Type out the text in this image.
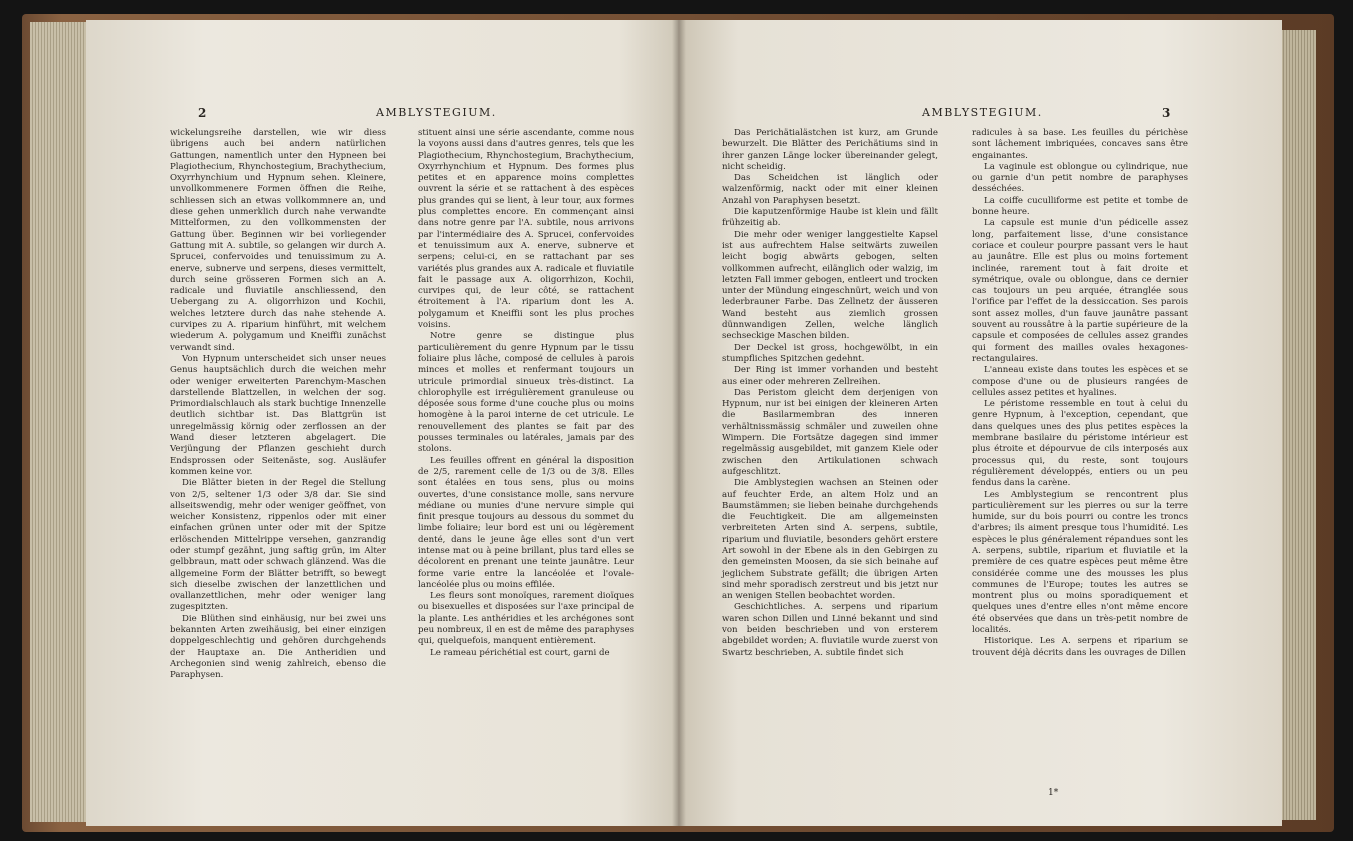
2	AMBLYSTEGIUM.

wickelungsreihe darstellen, wie wir diess übrigens auch bei andern natürlichen Gattungen, namentlich unter den Hypneen bei Plagiothecium, Rhynchostegium, Brachythecium, Oxyrrhynchium und Hypnum sehen. Kleinere, unvollkommenere Formen öffnen die Reihe, schliessen sich an etwas vollkommnere an, und diese gehen unmerklich durch nahe verwandte Mittelformen, zu den vollkommensten der Gattung über. Beginnen wir bei vorliegender Gattung mit A. subtile, so gelangen wir durch A. Sprucei, confervoides und tenuissimum zu A. enerve, subnerve und serpens, dieses vermittelt, durch seine grösseren Formen sich an A. radicale und fluviatile anschliessend, den Uebergang zu A. oligorrhizon und Kochii, welches letztere durch das nahe stehende A. curvipes zu A. riparium hinführt, mit welchem wiederum A. polygamum und Kneiffii zunächst verwandt sind.

Von Hypnum unterscheidet sich unser neues Genus hauptsächlich durch die weichen mehr oder weniger erweiterten Parenchym-Maschen darstellende Blattzellen, in welchen der sog. Primordialschlauch als stark buchtige Innenzelle deutlich sichtbar ist. Das Blattgrün ist unregelmässig körnig oder zerflossen an der Wand dieser letzteren abgelagert. Die Verjüngung der Pflanzen geschieht durch Endsprossen oder Seitenäste, sog. Ausläufer kommen keine vor.

Die Blätter bieten in der Regel die Stellung von 2/5, seltener 1/3 oder 3/8 dar. Sie sind allseitswendig, mehr oder weniger geöffnet, von weicher Konsistenz, rippenlos oder mit einer einfachen grünen unter oder mit der Spitze erlöschenden Mittelrippe versehen, ganzrandig oder stumpf gezähnt, jung saftig grün, im Alter gelbbraun, matt oder schwach glänzend. Was die allgemeine Form der Blätter betrifft, so bewegt sich dieselbe zwischen der lanzettlichen und ovallanzettlichen, mehr oder weniger lang zugespitzten.

Die Blüthen sind einhäusig, nur bei zwei uns bekannten Arten zweihäusig, bei einer einzigen doppelgeschlechtig und gehören durchgehends der Hauptaxe an. Die Antheridien und Archegonien sind wenig zahlreich, ebenso die Paraphysen.

stituent ainsi une série ascendante, comme nous la voyons aussi dans d'autres genres, tels que les Plagiothecium, Rhynchostegium, Brachythecium, Oxyrrhynchium et Hypnum. Des formes plus petites et en apparence moins complettes ouvrent la série et se rattachent à des espèces plus grandes qui se lient, à leur tour, aux formes plus complettes encore. En commençant ainsi dans notre genre par l'A. subtile, nous arrivons par l'intermédiaire des A. Sprucei, confervoides et tenuissimum aux A. enerve, subnerve et serpens; celui-ci, en se rattachant par ses variétés plus grandes aux A. radicale et fluviatile fait le passage aux A. oligorrhizon, Kochii, curvipes qui, de leur côté, se rattachent étroitement à l'A. riparium dont les A. polygamum et Kneiffii sont les plus proches voisins.

Notre genre se distingue plus particulièrement du genre Hypnum par le tissu foliaire plus lâche, composé de cellules à parois minces et molles et renfermant toujours un utricule primordial sinueux très-distinct. La chlorophylle est irrégulièrement granuleuse ou déposée sous forme d'une couche plus ou moins homogène à la paroi interne de cet utricule. Le renouvellement des plantes se fait par des pousses terminales ou latérales, jamais par des stolons.

Les feuilles offrent en général la disposition de 2/5, rarement celle de 1/3 ou de 3/8. Elles sont étalées en tous sens, plus ou moins ouvertes, d'une consistance molle, sans nervure médiane ou munies d'une nervure simple qui finit presque toujours au dessous du sommet du limbe foliaire; leur bord est uni ou légèrement denté, dans le jeune âge elles sont d'un vert intense mat ou à peine brillant, plus tard elles se décolorent en prenant une teinte jaunâtre. Leur forme varie entre la lancéolée et l'ovale-lancéolée plus ou moins effilée.

Les fleurs sont monoïques, rarement dioïques ou bisexuelles et disposées sur l'axe principal de la plante. Les anthéridies et les archégones sont peu nombreux, il en est de même des paraphyses qui, quelquefois, manquent entièrement.

Le rameau périchétial est court, garni de

AMBLYSTEGIUM.	3

Das Perichätialästchen ist kurz, am Grunde bewurzelt. Die Blätter des Perichätiums sind in ihrer ganzen Länge locker übereinander gelegt, nicht scheidig.

Das Scheidchen ist länglich oder walzenförmig, nackt oder mit einer kleinen Anzahl von Paraphysen besetzt.

Die kaputzenförmige Haube ist klein und fällt frühzeitig ab.

Die mehr oder weniger langgestielte Kapsel ist aus aufrechtem Halse seitwärts zuweilen leicht bogig abwärts gebogen, selten vollkommen aufrecht, eilänglich oder walzig, im letzten Fall immer gebogen, entleert und trocken unter der Mündung eingeschnürt, weich und von lederbrauner Farbe. Das Zellnetz der äusseren Wand besteht aus ziemlich grossen dünnwandigen Zellen, welche länglich sechseckige Maschen bilden.

Der Deckel ist gross, hochgewölbt, in ein stumpfliches Spitzchen gedehnt.

Der Ring ist immer vorhanden und besteht aus einer oder mehreren Zellreihen.

Das Peristom gleicht dem derjenigen von Hypnum, nur ist bei einigen der kleineren Arten die Basilarmembran des inneren verhältnissmässig schmäler und zuweilen ohne Wimpern. Die Fortsätze dagegen sind immer regelmässig ausgebildet, mit ganzem Kiele oder zwischen den Artikulationen schwach aufgeschlitzt.

Die Amblystegien wachsen an Steinen oder auf feuchter Erde, an altem Holz und an Baumstämmen; sie lieben beinahe durchgehends die Feuchtigkeit. Die am allgemeinsten verbreiteten Arten sind A. serpens, subtile, riparium und fluviatile, besonders gehört erstere Art sowohl in der Ebene als in den Gebirgen zu den gemeinsten Moosen, da sie sich beinahe auf jeglichem Substrate gefällt; die übrigen Arten sind mehr sporadisch zerstreut und bis jetzt nur an wenigen Stellen beobachtet worden.

Geschichtliches. A. serpens und riparium waren schon Dillen und Linné bekannt und sind von beiden beschrieben und von ersterem abgebildet worden; A. fluviatile wurde zuerst von Swartz beschrieben, A. subtile findet sich

radicules à sa base. Les feuilles du périchèse sont lâchement imbriquées, concaves sans être engainantes.

La vaginule est oblongue ou cylindrique, nue ou garnie d'un petit nombre de paraphyses desséchées.

La coiffe cuculliforme est petite et tombe de bonne heure.

La capsule est munie d'un pédicelle assez long, parfaitement lisse, d'une consistance coriace et couleur pourpre passant vers le haut au jaunâtre. Elle est plus ou moins fortement inclinée, rarement tout à fait droite et symétrique, ovale ou oblongue, dans ce dernier cas toujours un peu arquée, étranglée sous l'orifice par l'effet de la dessiccation. Ses parois sont assez molles, d'un fauve jaunâtre passant souvent au roussâtre à la partie supérieure de la capsule et composées de cellules assez grandes qui forment des mailles ovales hexagones-rectangulaires.

L'anneau existe dans toutes les espèces et se compose d'une ou de plusieurs rangées de cellules assez petites et hyalines.

Le péristome ressemble en tout à celui du genre Hypnum, à l'exception, cependant, que dans quelques unes des plus petites espèces la membrane basilaire du péristome intérieur est plus étroite et dépourvue de cils interposés aux processus qui, du reste, sont toujours régulièrement développés, entiers ou un peu fendus dans la carène.

Les Amblystegium se rencontrent plus particulièrement sur les pierres ou sur la terre humide, sur du bois pourri ou contre les troncs d'arbres; ils aiment presque tous l'humidité. Les espèces le plus généralement répandues sont les A. serpens, subtile, riparium et fluviatile et la première de ces quatre espèces peut même être considérée comme une des mousses les plus communes de l'Europe; toutes les autres se montrent plus ou moins sporadiquement et quelques unes d'entre elles n'ont même encore été observées que dans un très-petit nombre de localités.

Historique. Les A. serpens et riparium se trouvent déjà décrits dans les ouvrages de Dillen

1*
